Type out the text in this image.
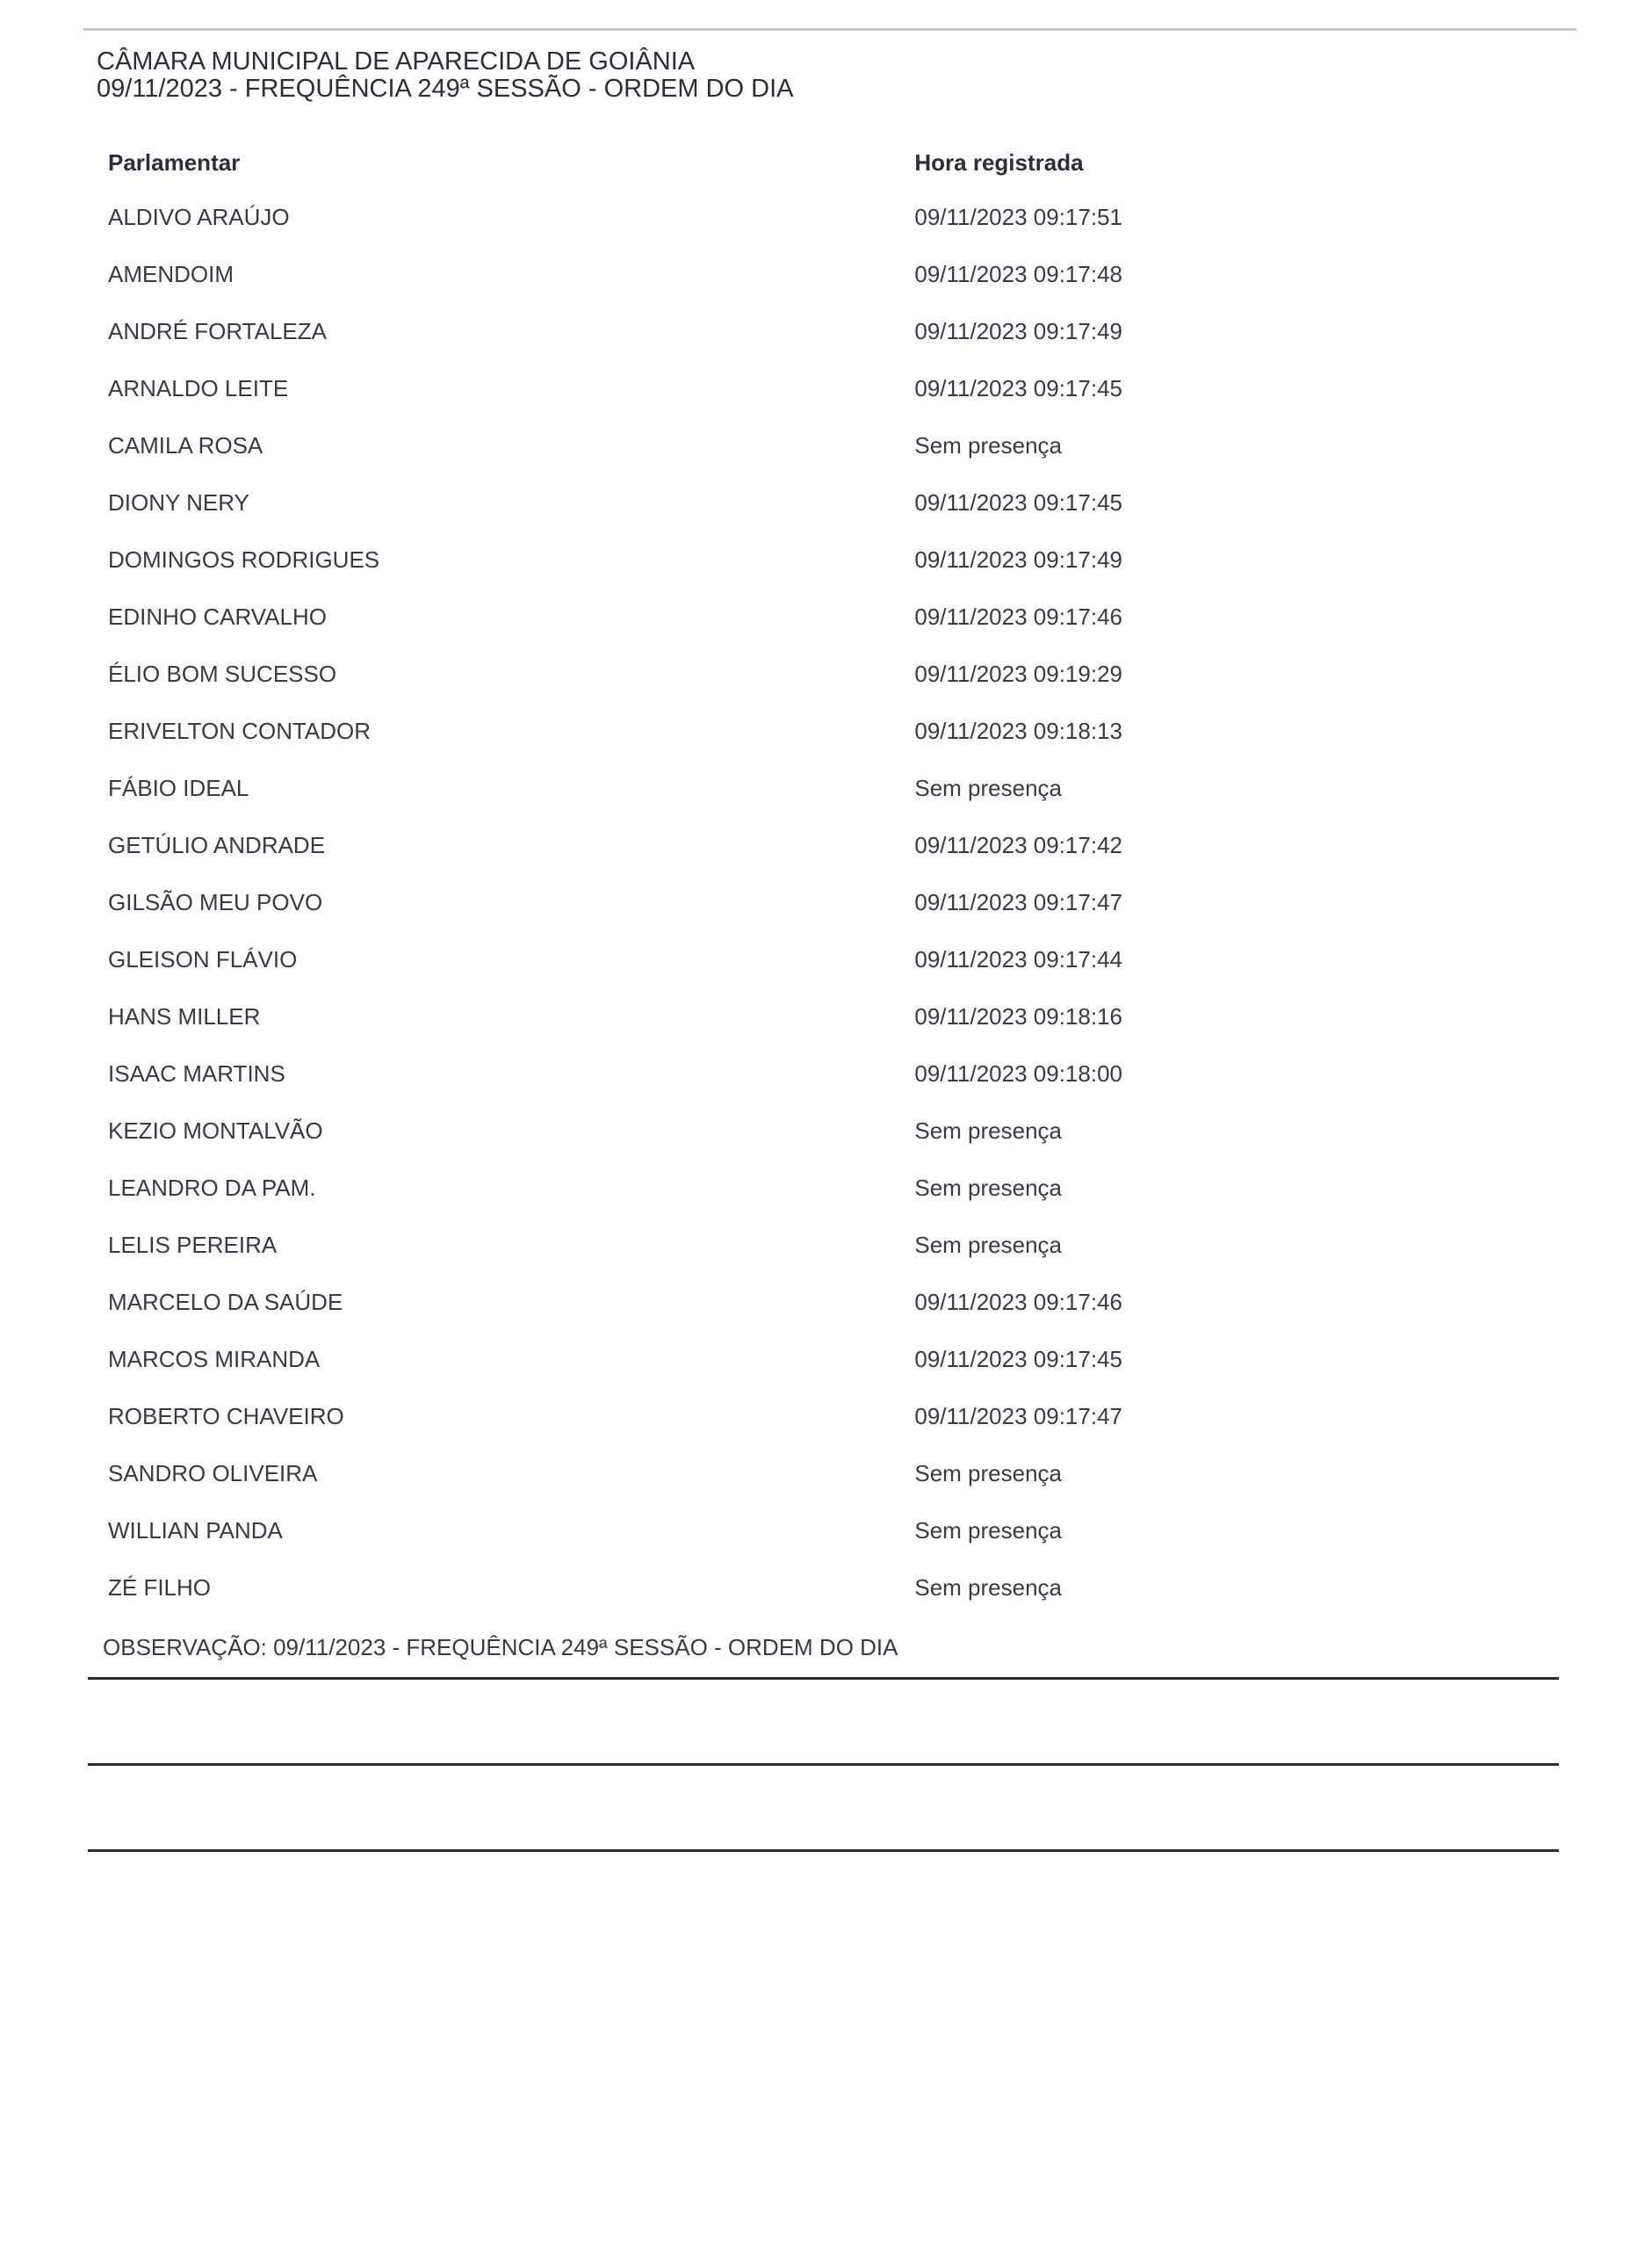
CÂMARA MUNICIPAL DE APARECIDA DE GOIÂNIA
09/11/2023 - FREQUÊNCIA 249ª SESSÃO - ORDEM DO DIA
Parlamentar	Hora registrada
ALDIVO ARAÚJO	09/11/2023 09:17:51
AMENDOIM	09/11/2023 09:17:48
ANDRÉ FORTALEZA	09/11/2023 09:17:49
ARNALDO LEITE	09/11/2023 09:17:45
CAMILA ROSA	Sem presença
DIONY NERY	09/11/2023 09:17:45
DOMINGOS RODRIGUES	09/11/2023 09:17:49
EDINHO CARVALHO	09/11/2023 09:17:46
ÉLIO BOM SUCESSO	09/11/2023 09:19:29
ERIVELTON CONTADOR	09/11/2023 09:18:13
FÁBIO IDEAL	Sem presença
GETÚLIO ANDRADE	09/11/2023 09:17:42
GILSÃO MEU POVO	09/11/2023 09:17:47
GLEISON FLÁVIO	09/11/2023 09:17:44
HANS MILLER	09/11/2023 09:18:16
ISAAC MARTINS	09/11/2023 09:18:00
KEZIO MONTALVÃO	Sem presença
LEANDRO DA PAM.	Sem presença
LELIS PEREIRA	Sem presença
MARCELO DA SAÚDE	09/11/2023 09:17:46
MARCOS MIRANDA	09/11/2023 09:17:45
ROBERTO CHAVEIRO	09/11/2023 09:17:47
SANDRO OLIVEIRA	Sem presença
WILLIAN PANDA	Sem presença
ZÉ FILHO	Sem presença
OBSERVAÇÃO: 09/11/2023 - FREQUÊNCIA 249ª SESSÃO - ORDEM DO DIA
